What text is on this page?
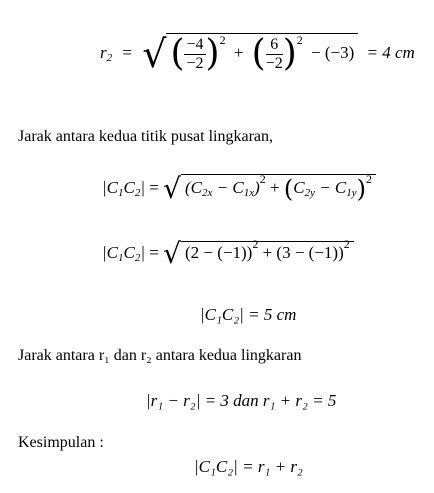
$r_2$ = √ ( $\frac{-4}{-2} )^2$ + ( $\frac{6}{-2} )^2 - (-3) = 4$ cm
Jarak antara kedua titik pusat lingkaran,
$|C_1C_2|$ = √ $(C_{2x} - C_{1x})^2 + (C_{2y} - C_{1y})^2$
$|C_1C_2|$ = √ $(2 - (-1))^2 + (3 - (-1))^2$
|C₁C₂| = 5 cm
Jarak antara r₁ dan r₂ antara kedua lingkaran
|r₁ − r₂| = 3 dan r₁ + r₂ = 5
Kesimpulan :
|C₁C₂| = r₁ + r₂
